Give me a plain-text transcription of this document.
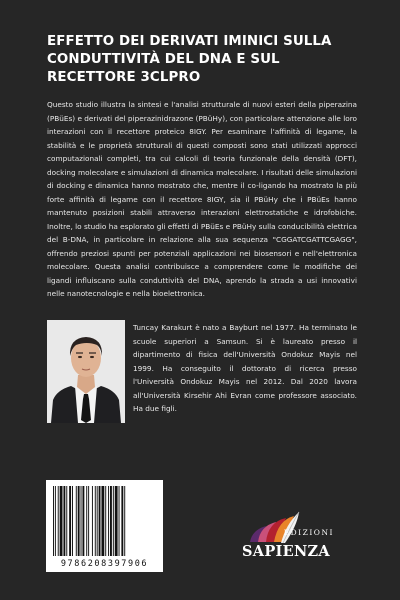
EFFETTO DEI DERIVATI IMINICI SULLA
CONDUTTIVITÀ DEL DNA E SUL
RECETTORE 3CLPRO

Questo studio illustra la sintesi e l'analisi strutturale di nuovi esteri della piperazina (PBüEs) e derivati del piperazinidrazone (PBüHy), con particolare attenzione alle loro interazioni con il recettore proteico 8IGY. Per esaminare l'affinità di legame, la stabilità e le proprietà strutturali di questi composti sono stati utilizzati approcci computazionali completi, tra cui calcoli di teoria funzionale della densità (DFT), docking molecolare e simulazioni di dinamica molecolare. I risultati delle simulazioni di docking e dinamica hanno mostrato che, mentre il co-ligando ha mostrato la più forte affinità di legame con il recettore 8IGY, sia il PBüHy che i PBüEs hanno mantenuto posizioni stabili attraverso interazioni elettrostatiche e idrofobiche. Inoltre, lo studio ha esplorato gli effetti di PBüEs e PBüHy sulla conducibilità elettrica del B-DNA, in particolare in relazione alla sua sequenza "CGGATCGATTCGAGG", offrendo preziosi spunti per potenziali applicazioni nei biosensori e nell'elettronica molecolare. Questa analisi contribuisce a comprendere come le modifiche dei ligandi influiscano sulla conduttività del DNA, aprendo la strada a usi innovativi nelle nanotecnologie e nella bioelettronica.

Tuncay Karakurt è nato a Bayburt nel 1977. Ha terminato le scuole superiori a Samsun. Si è laureato presso il dipartimento di fisica dell'Università Ondokuz Mayis nel 1999. Ha conseguito il dottorato di ricerca presso l'Università Ondokuz Mayis nel 2012. Dal 2020 lavora all'Università Kirsehir Ahi Evran come professore associato. Ha due figli.

9786208397906
EDIZIONI
SAPIENZA
